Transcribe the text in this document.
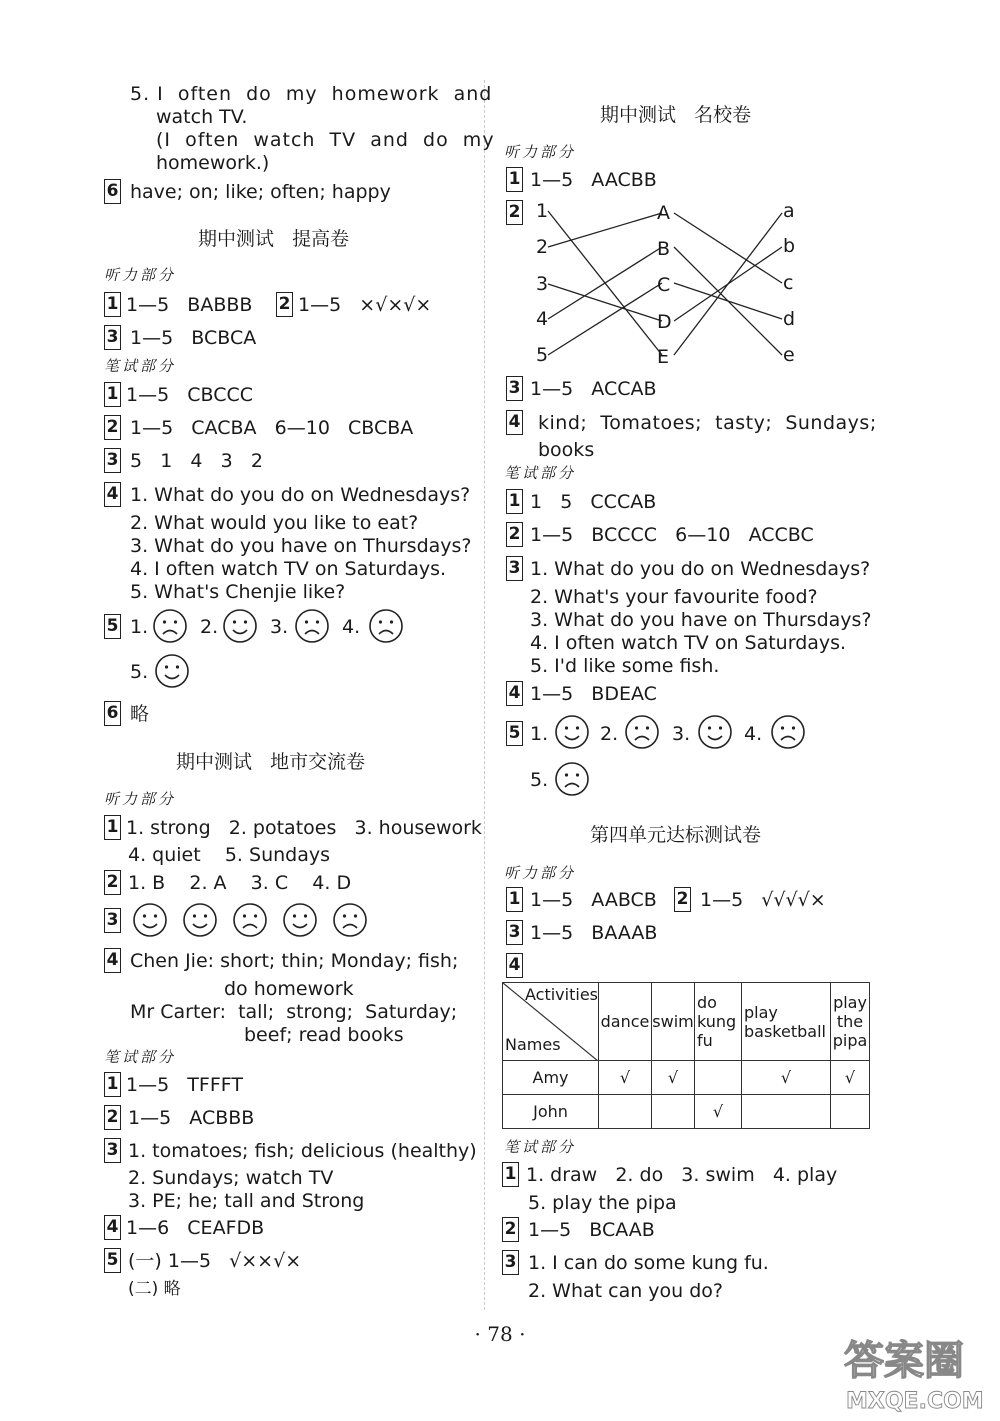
5. I  often  do  my  homework  and
watch TV.
(I  often  watch  TV  and  do  my
homework.)
6 have; on; like; often; happy
期中测试   提高卷
听力部分
1 1—5   BABBB 2 1—5   ×√×√×
3 1—5   BCBCA
笔试部分
1 1—5   CBCCC
2 1—5   CACBA   6—10   CBCBA
3 5   1   4   3   2
4 1. What do you do on Wednesdays?
2. What would you like to eat?
3. What do you have on Thursdays?
4. I often watch TV on Saturdays.
5. What's Chenjie like?
5 1.	2.	3.	4.
5.
6 略
期中测试   地市交流卷
听力部分
1 1. strong   2. potatoes   3. housework
4. quiet    5. Sundays
2 1. B    2. A    3. C    4. D
3
4 Chen Jie: short; thin; Monday; fish;
do homework
Mr Carter:  tall;  strong;  Saturday;
beef; read books
笔试部分
1 1—5   TFFFT
2 1—5   ACBBB
3 1. tomatoes; fish; delicious (healthy)
2. Sundays; watch TV
3. PE; he; tall and Strong
4 1—6   CEAFDB
5 (一) 1—5   √××√×
(二) 略
期中测试   名校卷
听力部分
1 1—5   AACBB
2 1
2
3
4
5
A
B
C
D
E
a
b
c
d
e
3 1—5   ACCAB
4 kind;  Tomatoes;  tasty;  Sundays;
books
笔试部分
1 1   5   CCCAB
2 1—5   BCCCC   6—10   ACCBC
3 1. What do you do on Wednesdays?
2. What's your favourite food?
3. What do you have on Thursdays?
4. I often watch TV on Saturdays.
5. I'd like some fish.
4 1—5   BDEAC
5 1.	2.	3.	4.
5.
第四单元达标测试卷
听力部分
1 1—5   AABCB 2 1—5   √√√√×
3 1—5   BAAAB
4
Activities
Names	dance	swim	do kung fu	play basketball	play the pipa
Amy	√	√		√	√
John			√		
笔试部分
1 1. draw   2. do   3. swim   4. play
5. play the pipa
2 1—5   BCAAB
3 1. I can do some kung fu.
2. What can you do?
· 78 ·
答案圈
MXQE.COM
